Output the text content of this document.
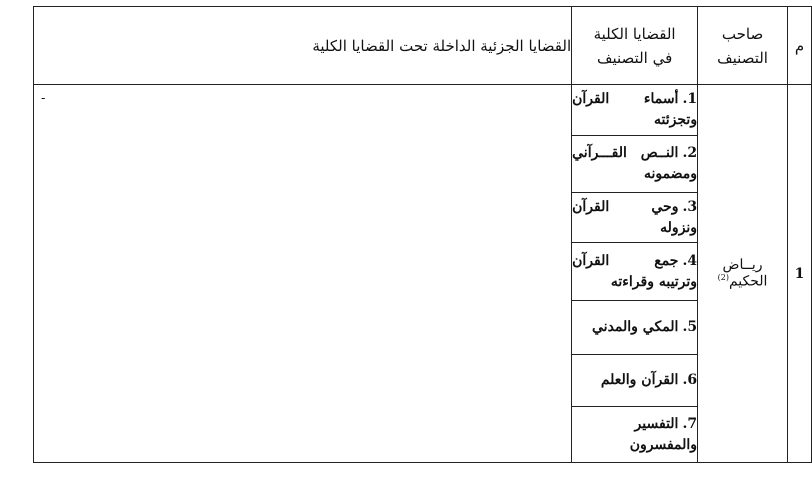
م	صاحب التصنيف	القضايا الكلية في التصنيف	القضايا الجزئية الداخلة تحت القضايا الكلية
1	ريــاض الحكيم$^{(2)}$	1.أسماء القرآن وتجزئته	-

		2.النــص القـــرآني ومضمونه	
		3.وحي القرآن ونزوله	
		4.جمع القرآن وترتيبه وقراءته	
		5.المكي والمدني	
		6.القرآن والعلم	
		7.التفسير والمفسرون	
